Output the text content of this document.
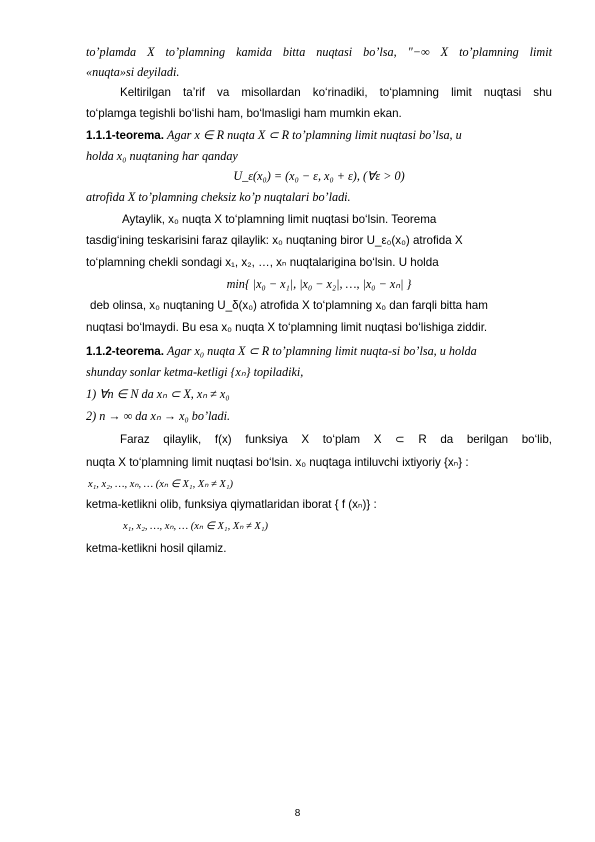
to’plamda X to’plamning kamida bitta nuqtasi bo’lsa, "−∞ X to’plamning limit
«nuqta»si deyiladi.
Keltirilgan ta’rif va misollardan ko‘rinadiki, to‘plamning limit nuqtasi shu
to‘plamga tegishli bo‘lishi ham, bo‘lmasligi ham mumkin ekan.
1.1.1-teorema. Agar x ∈ R nuqta X ⊂ R to’plamning limit nuqtasi bo’lsa, u
holda x₀ nuqtaning har qanday
U_ε(x₀) = (x₀ − ε, x₀ + ε), (∀ε > 0)
atrofida X to’plamning cheksiz ko’p nuqtalari bo’ladi.
Aytaylik, x₀ nuqta X to‘plamning limit nuqtasi bo‘lsin. Teorema
tasdig‘ining teskarisini faraz qilaylik: x₀ nuqtaning biror U_ε₀(x₀) atrofida X
to‘plamning chekli sondagi x₁, x₂, …, xₙ nuqtalarigina bo‘lsin. U holda
min{ |x₀ − x₁|, |x₀ − x₂|, …, |x₀ − xₙ| }
deb olinsa, x₀ nuqtaning U_δ(x₀) atrofida X to‘plamning x₀ dan farqli bitta ham
nuqtasi bo‘lmaydi. Bu esa x₀ nuqta X to‘plamning limit nuqtasi bo‘lishiga ziddir.
1.1.2-teorema. Agar x₀ nuqta X ⊂ R to’plamning limit nuqta-si bo’lsa, u holda
shunday sonlar ketma-ketligi {xₙ} topiladiki,
1) ∀n ∈ N da xₙ ⊂ X, xₙ ≠ x₀
2) n → ∞ da xₙ → x₀ bo’ladi.
Faraz qilaylik, f(x) funksiya X to‘plam X ⊂ R da berilgan bo‘lib,
nuqta X to‘plamning limit nuqtasi bo‘lsin. x₀ nuqtaga intiluvchi ixtiyoriy {xₙ} :
x₁, x₂, …, xₙ, … (xₙ ∈ X₁, Xₙ ≠ X₁)
ketma-ketlikni olib, funksiya qiymatlaridan iborat { f (xₙ)} :
x₁, x₂, …, xₙ, … (xₙ ∈ X₁, Xₙ ≠ X₁)
ketma-ketlikni hosil qilamiz.
8
